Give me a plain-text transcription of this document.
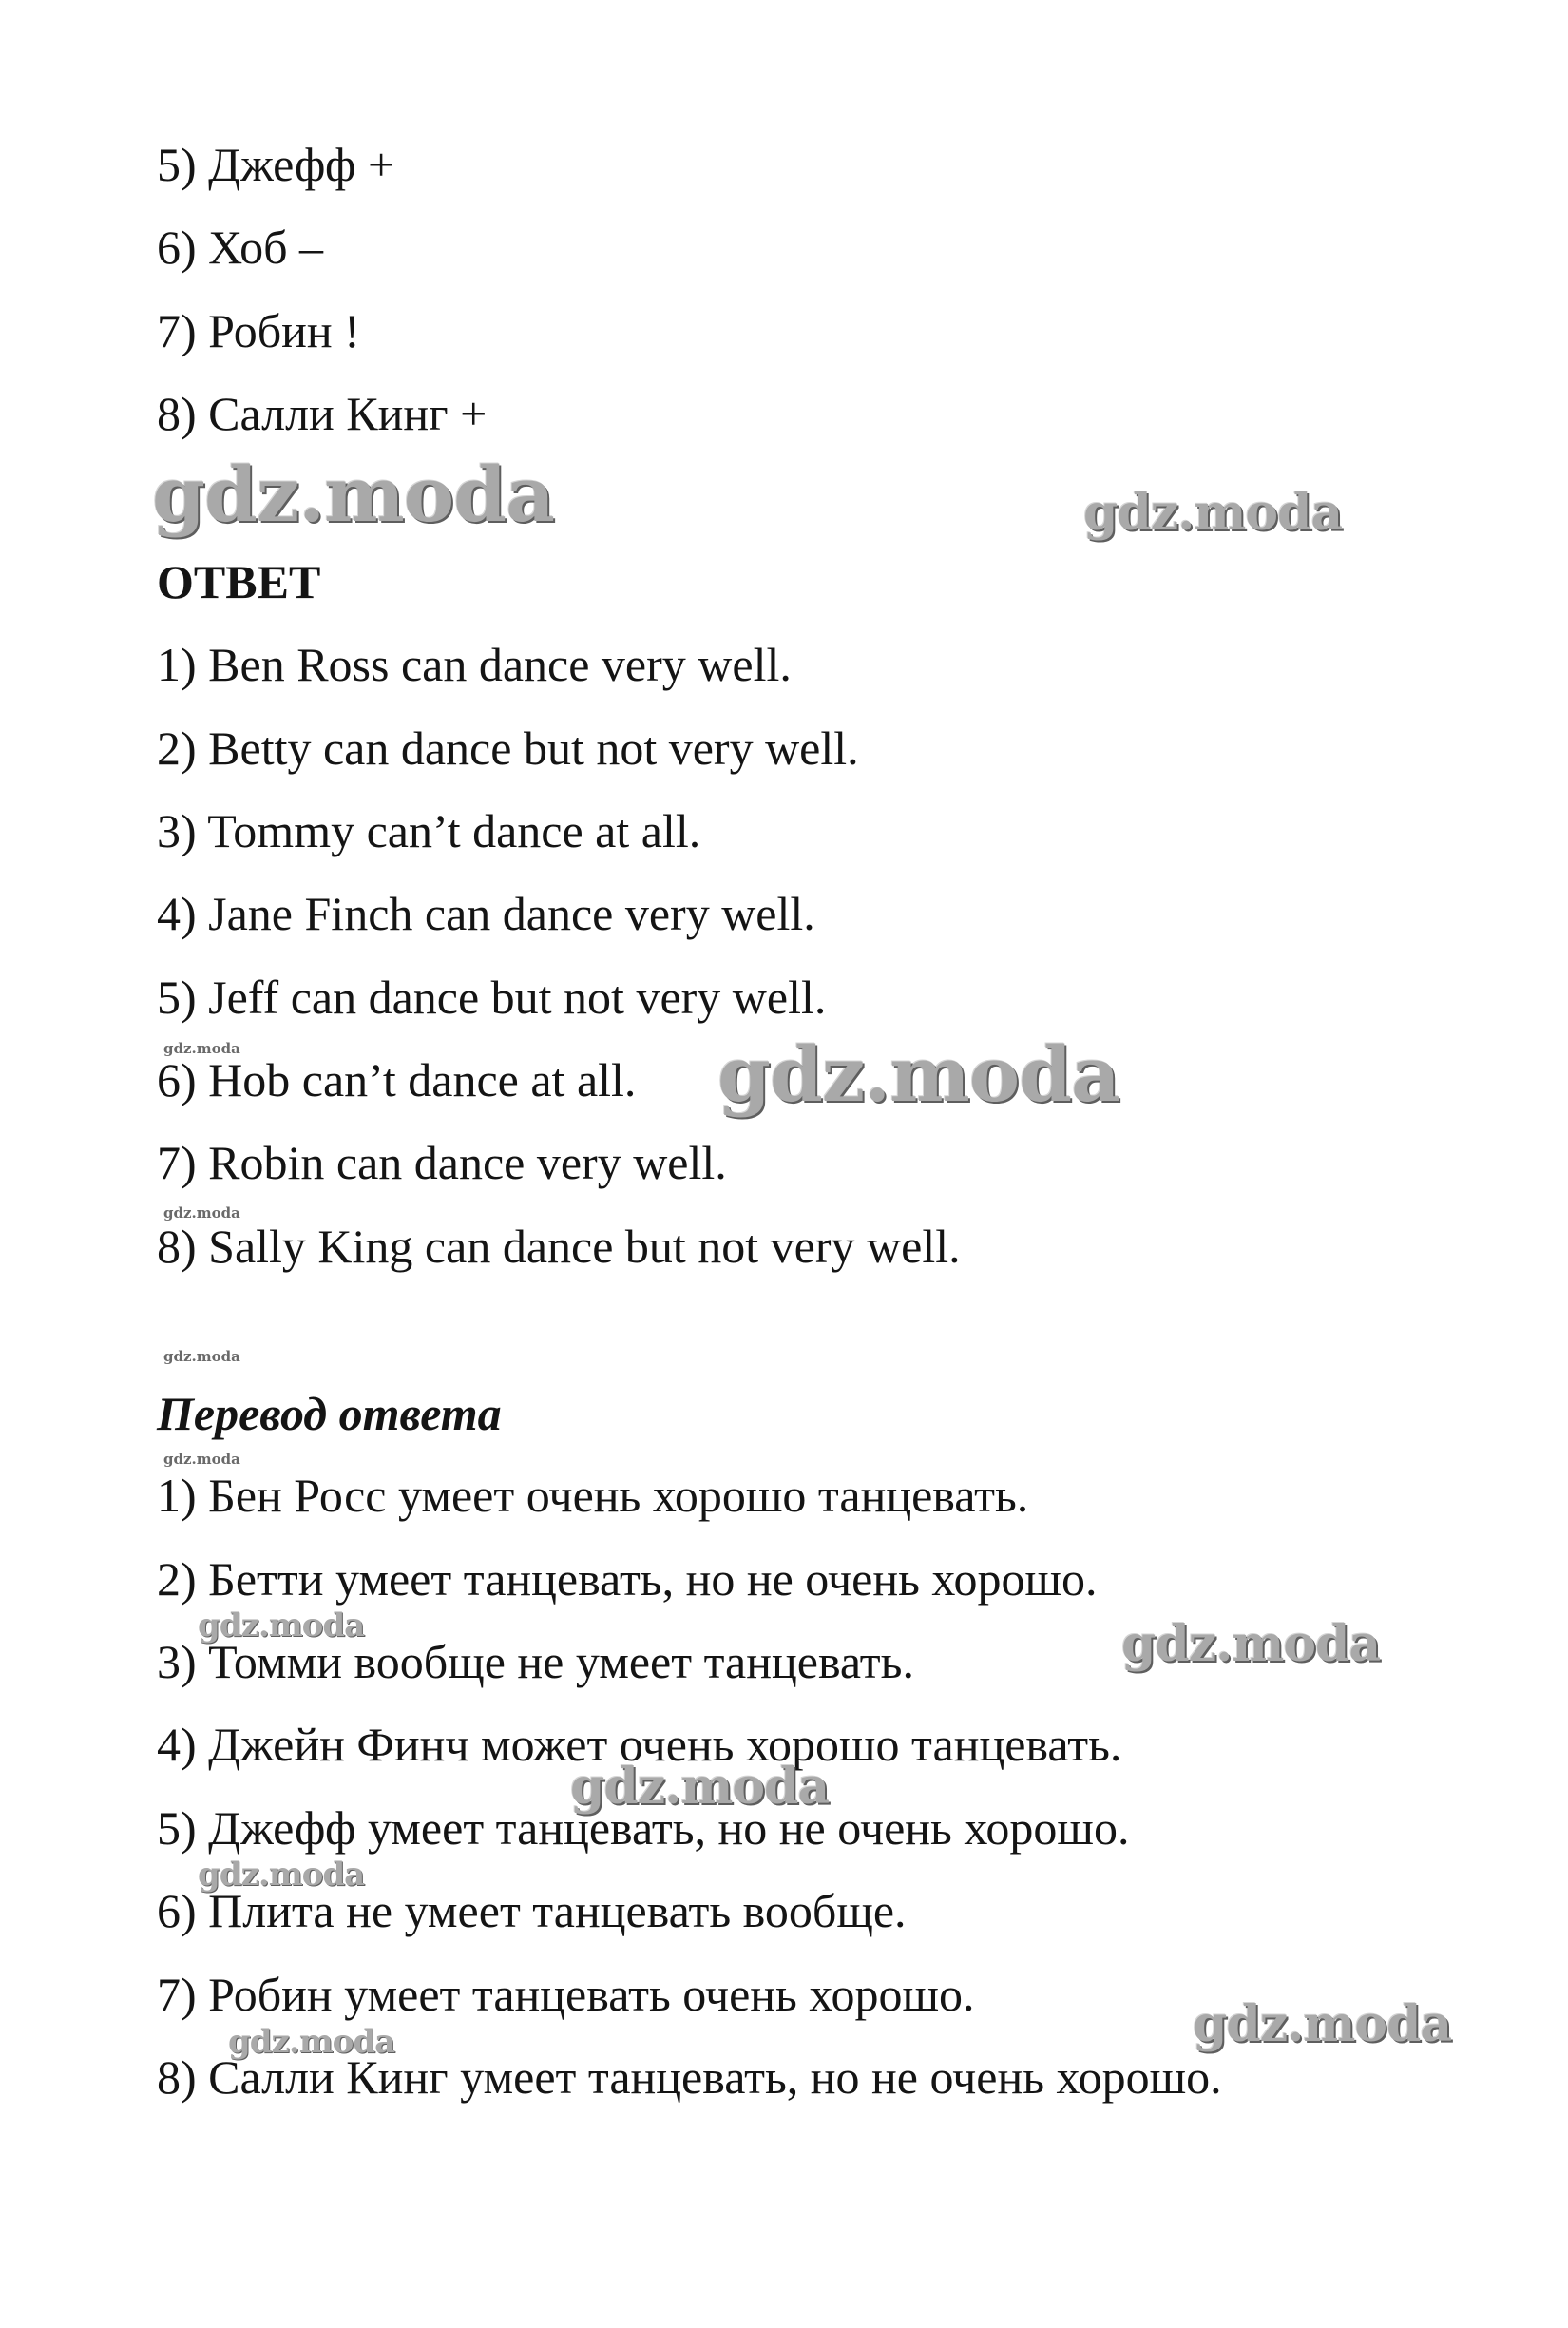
5) Джефф +
6) Хоб –
7) Робин !
8) Салли Кинг +
ОТВЕТ
1) Ben Ross can dance very well.
2) Betty can dance but not very well.
3) Tommy can’t dance at all.
4) Jane Finch can dance very well.
5) Jeff can dance but not very well.
6) Hob can’t dance at all.
7) Robin can dance very well.
8) Sally King can dance but not very well.
Перевод ответа
1) Бен Росс умеет очень хорошо танцевать.
2) Бетти умеет танцевать, но не очень хорошо.
3) Томми вообще не умеет танцевать.
4) Джейн Финч может очень хорошо танцевать.
5) Джефф умеет танцевать, но не очень хорошо.
6) Плита не умеет танцевать вообще.
7) Робин умеет танцевать очень хорошо.
8) Салли Кинг умеет танцевать, но не очень хорошо.
gdz.moda	gdz.moda
gdz.moda
gdz.moda
gdz.moda
gdz.moda
gdz.moda
gdz.moda	gdz.moda
gdz.moda
gdz.moda
gdz.moda
gdz.moda
